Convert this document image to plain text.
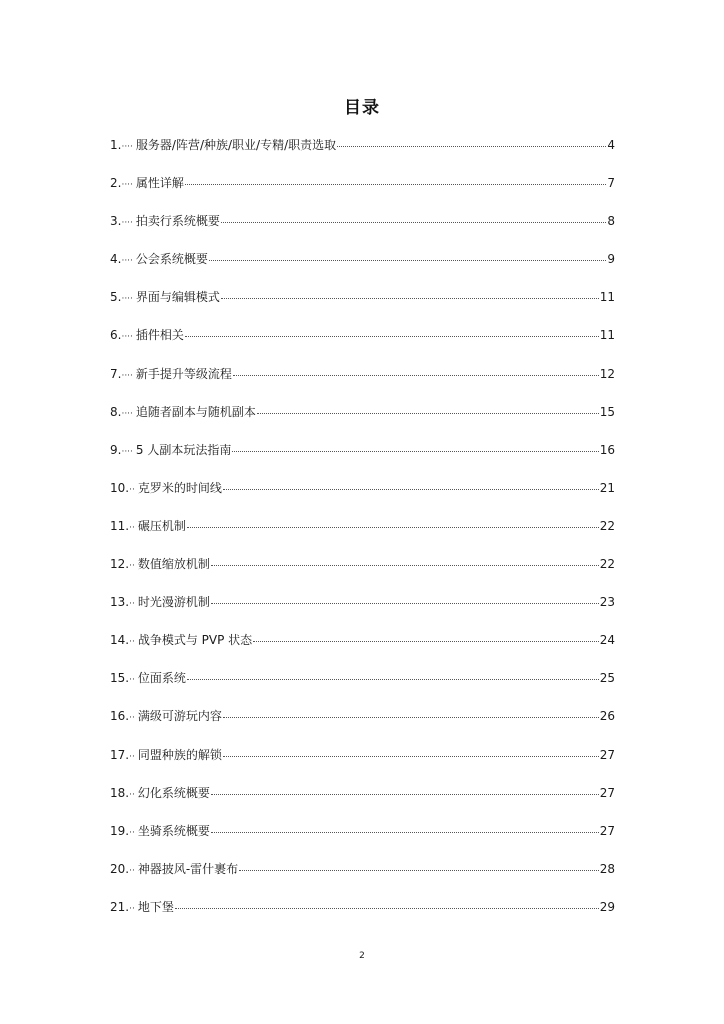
目录
1. ···· 服务器/阵营/种族/职业/专精/职责选取	4
2. ···· 属性详解	7
3. ···· 拍卖行系统概要	8
4. ···· 公会系统概要	9
5. ···· 界面与编辑模式	11
6. ···· 插件相关	11
7. ···· 新手提升等级流程	12
8. ···· 追随者副本与随机副本	15
9. ···· 5 人副本玩法指南	16
10. ·· 克罗米的时间线	21
11. ·· 碾压机制	22
12. ·· 数值缩放机制	22
13. ·· 时光漫游机制	23
14. ·· 战争模式与 PVP 状态	24
15. ·· 位面系统	25
16. ·· 满级可游玩内容	26
17. ·· 同盟种族的解锁	27
18. ·· 幻化系统概要	27
19. ·· 坐骑系统概要	27
20. ·· 神器披风-雷什裹布	28
21. ·· 地下堡	29
2
